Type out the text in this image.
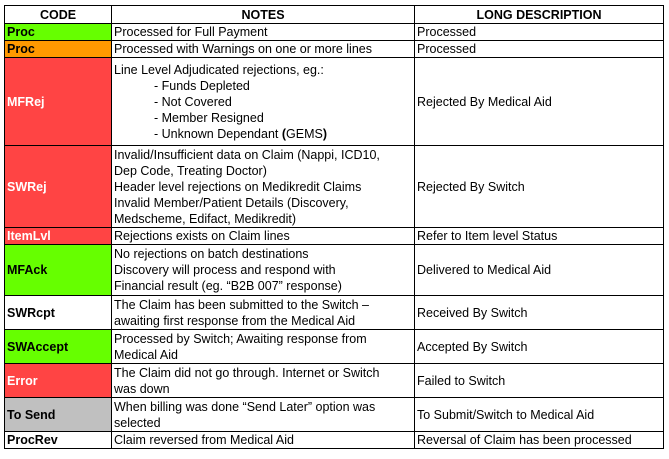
CODE	NOTES	LONG DESCRIPTION
Proc	Processed for Full Payment	Processed
Proc	Processed with Warnings on one or more lines	Processed
MFRej	Line Level Adjudicated rejections, eg.:
- Funds Depleted
- Not Covered
- Member Resigned
- Unknown Dependant (GEMS)	Rejected By Medical Aid
SWRej	Invalid/Insufficient data on Claim (Nappi, ICD10,
Dep Code, Treating Doctor)
Header level rejections on Medikredit Claims
Invalid Member/Patient Details (Discovery,
Medscheme, Edifact, Medikredit)	Rejected By Switch
ItemLvl	Rejections exists on Claim lines	Refer to Item level Status
MFAck	No rejections on batch destinations
Discovery will process and respond with
Financial result (eg. “B2B 007” response)	Delivered to Medical Aid
SWRcpt	The Claim has been submitted to the Switch –
awaiting first response from the Medical Aid	Received By Switch
SWAccept	Processed by Switch; Awaiting response from
Medical Aid	Accepted By Switch
Error	The Claim did not go through. Internet or Switch
was down	Failed to Switch
To Send	When billing was done “Send Later” option was
selected	To Submit/Switch to Medical Aid
ProcRev	Claim reversed from Medical Aid	Reversal of Claim has been processed
